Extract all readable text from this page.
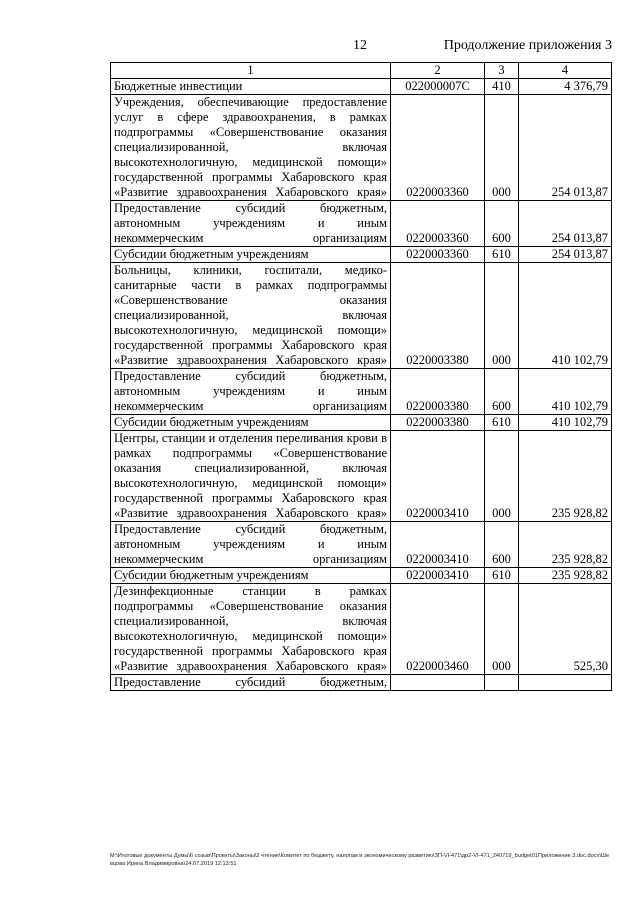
12	Продолжение приложения 3
1	2	3	4
Бюджетные инвестиции	022000007С	410	4 376,79
Учреждения, обеспечивающие предоставление услуг в сфере здравоохранения, в рамках подпрограммы «Совершенствование оказания специализированной, включая высокотехнологичную, медицинской помощи» государственной программы Хабаровского края «Развитие здравоохранения Хабаровского края»	0220003360	000	254 013,87
Предоставление субсидий бюджетным, автономным учреждениям и иным некоммерческим организациям	0220003360	600	254 013,87
Субсидии бюджетным учреждениям	0220003360	610	254 013,87
Больницы, клиники, госпитали, медико-санитарные части в рамках подпрограммы «Совершенствование оказания специализированной, включая высокотехнологичную, медицинской помощи» государственной программы Хабаровского края «Развитие здравоохранения Хабаровского края»	0220003380	000	410 102,79
Предоставление субсидий бюджетным, автономным учреждениям и иным некоммерческим организациям	0220003380	600	410 102,79
Субсидии бюджетным учреждениям	0220003380	610	410 102,79
Центры, станции и отделения переливания крови в рамках подпрограммы «Совершенствование оказания специализированной, включая высокотехнологичную, медицинской помощи» государственной программы Хабаровского края «Развитие здравоохранения Хабаровского края»	0220003410	000	235 928,82
Предоставление субсидий бюджетным, автономным учреждениям и иным некоммерческим организациям	0220003410	600	235 928,82
Субсидии бюджетным учреждениям	0220003410	610	235 928,82
Дезинфекционные станции в рамках подпрограммы «Совершенствование оказания специализированной, включая высокотехнологичную, медицинской помощи» государственной программы Хабаровского края «Развитие здравоохранения Хабаровского края»	0220003460	000	525,30
Предоставление субсидий бюджетным,			
M:\Итоговые документы Думы\6 созыв\Проекты\Законы\2 чтение\Комитет по бюджету, налогам и экономическому развитию\ЗП-VI-471\др2-VI-471_240719_budget01Приложение 3.doc.docx\Шевцова Ирина Владимировна\24.07.2019 12:13:51
